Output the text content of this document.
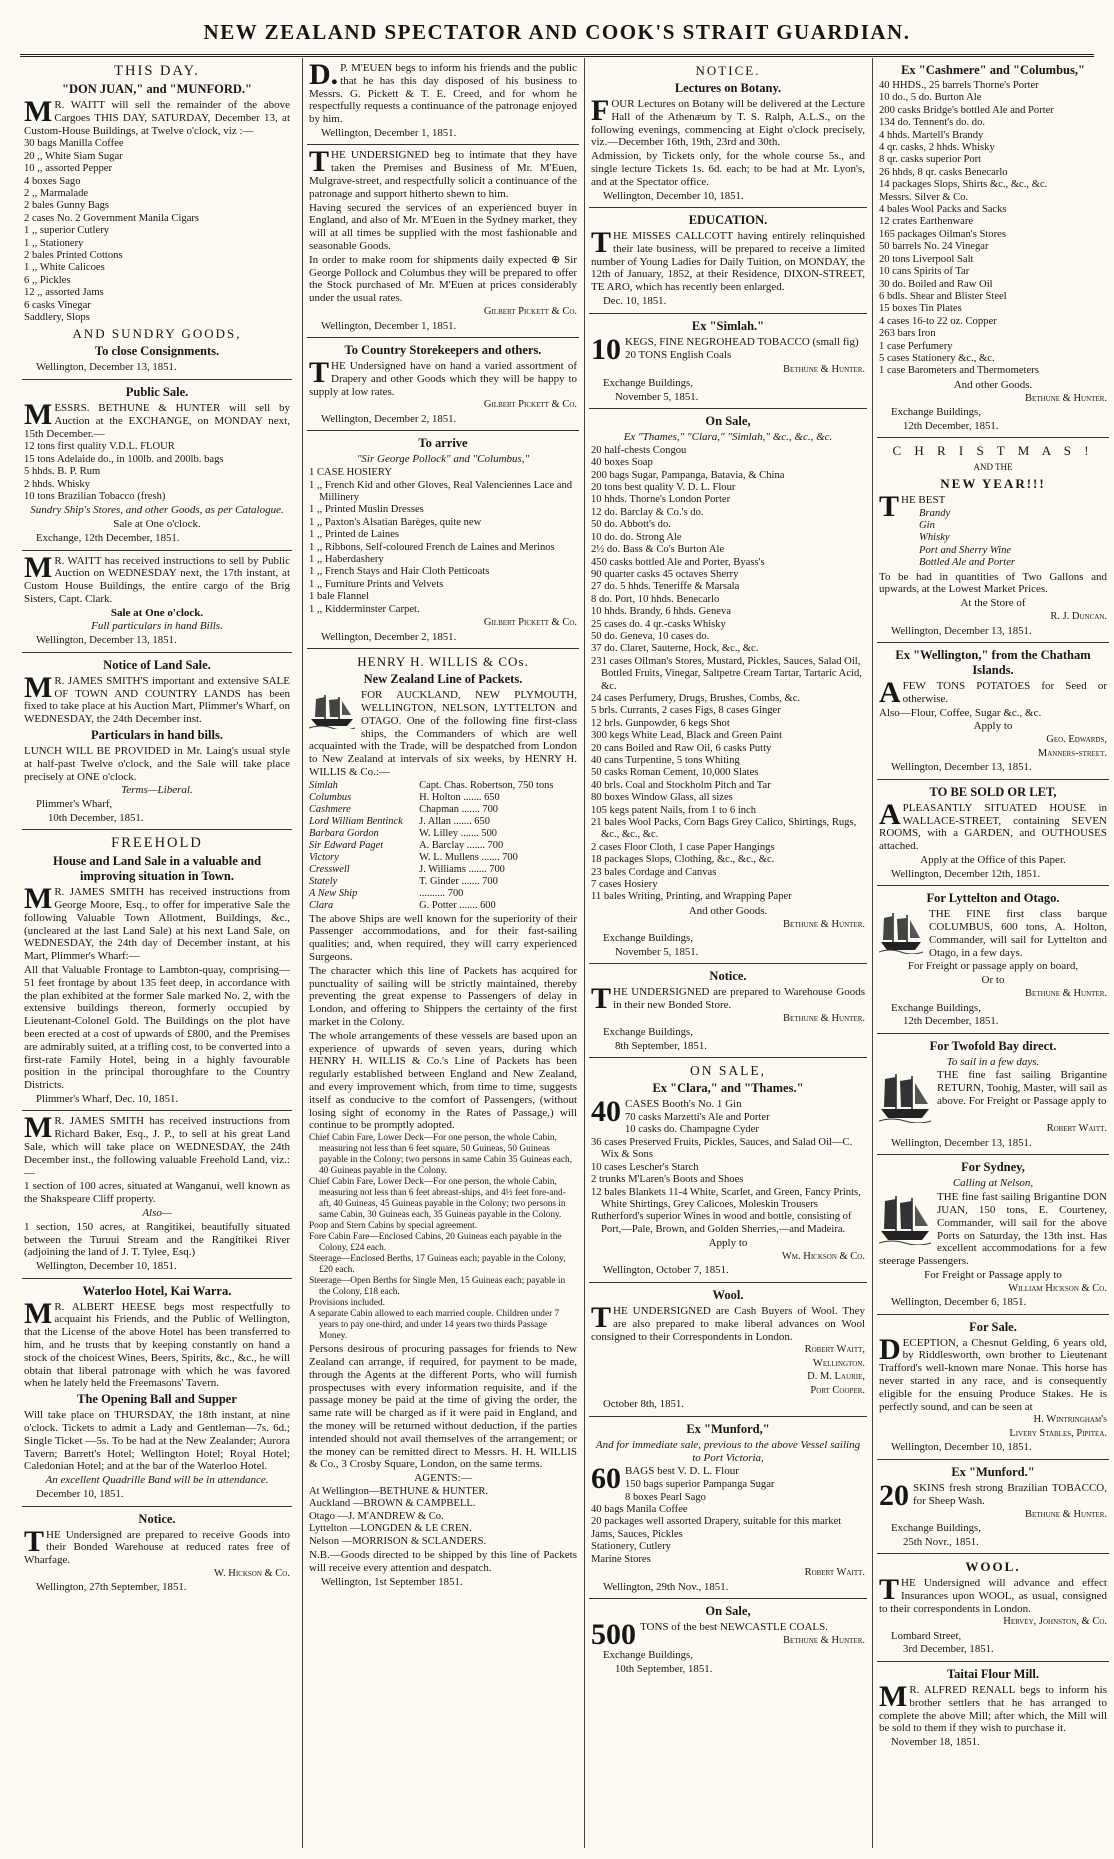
NEW ZEALAND SPECTATOR AND COOK'S STRAIT GUARDIAN.
THIS DAY.
"DON JUAN," and "MUNFORD."

MR. WAITT will sell the remainder of the above Cargoes THIS DAY, SATURDAY, December 13, at Custom-House Buildings, at Twelve o'clock, viz :—

30 bags Manilla Coffee
20 ,, White Siam Sugar
10 ,, assorted Pepper
4 boxes Sago
2 ,, Marmalade
2 bales Gunny Bags
2 cases No. 2 Government Manila Cigars
1 ,, superior Cutlery
1 ,, Stationery
2 bales Printed Cottons
1 ,, White Calicoes
6 ,, Pickles
12 ,, assorted Jams
6 casks Vinegar
Saddlery, Slops
AND SUNDRY GOODS,
To close Consignments.
Wellington, December 13, 1851.
Public Sale.

MESSRS. BETHUNE & HUNTER will sell by Auction at the EXCHANGE, on MONDAY next, 15th December.—

12 tons first quality V.D.L. FLOUR
15 tons Adelaide do., in 100lb. and 200lb. bags
5 hhds. B. P. Rum
2 hhds. Whisky
10 tons Brazilian Tobacco (fresh)
Sundry Ship's Stores, and other Goods, as per Catalogue.
Sale at One o'clock.
Exchange, 12th December, 1851.

MR. WAITT has received instructions to sell by Public Auction on WEDNESDAY next, the 17th instant, at Custom House Buildings, the entire cargo of the Brig Sisters, Capt. Clark.

Sale at One o'clock.
Full particulars in hand Bills.
Wellington, December 13, 1851.
Notice of Land Sale.

MR. JAMES SMITH'S important and extensive SALE OF TOWN AND COUNTRY LANDS has been fixed to take place at his Auction Mart, Plimmer's Wharf, on WEDNESDAY, the 24th December inst.

Particulars in hand bills.

LUNCH WILL BE PROVIDED in Mr. Laing's usual style at half-past Twelve o'clock, and the Sale will take place precisely at ONE o'clock.

Terms—Liberal.
Plimmer's Wharf,
10th December, 1851.
FREEHOLD
House and Land Sale in a valuable and improving situation in Town.

MR. JAMES SMITH has received instructions from George Moore, Esq., to offer for imperative Sale the following Valuable Town Allotment, Buildings, &c., (uncleared at the last Land Sale) at his next Land Sale, on WEDNESDAY, the 24th day of December instant, at his Mart, Plimmer's Wharf:—

All that Valuable Frontage to Lambton-quay, comprising—51 feet frontage by about 135 feet deep, in accordance with the plan exhibited at the former Sale marked No. 2, with the extensive buildings thereon, formerly occupied by Lieutenant-Colonel Gold. The Buildings on the plot have been erected at a cost of upwards of £800, and the Premises are admirably suited, at a trifling cost, to be converted into a first-rate Family Hotel, being in a highly favourable position in the principal thoroughfare to the Country Districts.

Plimmer's Wharf, Dec. 10, 1851.

MR. JAMES SMITH has received instructions from Richard Baker, Esq., J. P., to sell at his great Land Sale, which will take place on WEDNESDAY, the 24th December inst., the following valuable Freehold Land, viz.:—

1 section of 100 acres, situated at Wanganui, well known as the Shakspeare Cliff property.

Also—

1 section, 150 acres, at Rangitikei, beautifully situated between the Turuui Stream and the Rangitikei River (adjoining the land of J. T. Tylee, Esq.)

Wellington, December 10, 1851.
Waterloo Hotel, Kai Warra.

MR. ALBERT HEESE begs most respectfully to acquaint his Friends, and the Public of Wellington, that the License of the above Hotel has been transferred to him, and he trusts that by keeping constantly on hand a stock of the choicest Wines, Beers, Spirits, &c., &c., he will obtain that liberal patronage with which he was favored when he lately held the Freemasons' Tavern.

The Opening Ball and Supper

Will take place on THURSDAY, the 18th instant, at nine o'clock. Tickets to admit a Lady and Gentleman—7s. 6d.; Single Ticket —5s. To be had at the New Zealander; Aurora Tavern; Barrett's Hotel; Wellington Hotel; Royal Hotel; Caledonian Hotel; and at the bar of the Waterloo Hotel.

An excellent Quadrille Band will be in attendance.
December 10, 1851.
Notice.

THE Undersigned are prepared to receive Goods into their Bonded Warehouse at reduced rates free of Wharfage.

W. Hickson & Co.
Wellington, 27th September, 1851.

D.P. M'EUEN begs to inform his friends and the public that he has this day disposed of his business to Messrs. G. Pickett & T. E. Creed, and for whom he respectfully requests a continuance of the patronage enjoyed by him.

Wellington, December 1, 1851.

THE UNDERSIGNED beg to intimate that they have taken the Premises and Business of Mr. M'Euen, Mulgrave-street, and respectfully solicit a continuance of the patronage and support hitherto shewn to him.

Having secured the services of an experienced buyer in England, and also of Mr. M'Euen in the Sydney market, they will at all times be supplied with the most fashionable and seasonable Goods.

In order to make room for shipments daily expected ⊕ Sir George Pollock and Columbus they will be prepared to offer the Stock purchased of Mr. M'Euen at prices considerably under the usual rates.

Gilbert Pickett & Co.
Wellington, December 1, 1851.
To Country Storekeepers and others.

THE Undersigned have on hand a varied assortment of Drapery and other Goods which they will be happy to supply at low rates.

Gilbert Pickett & Co.
Wellington, December 2, 1851.
To arrive
"Sir George Pollock" and "Columbus,"
1 CASE HOSIERY
1 ,, French Kid and other Gloves, Real Valenciennes Lace and Millinery
1 ,, Printed Muslin Dresses
1 ,, Paxton's Alsatian Barèges, quite new
1 ,, Printed de Laines
1 ,, Ribbons, Self-coloured French de Laines and Merinos
1 ,, Haberdashery
1 ,, French Stays and Hair Cloth Petticoats
1 ,, Furniture Prints and Velvets
1 bale Flannel
1 ,, Kidderminster Carpet.
Gilbert Pickett & Co.
Wellington, December 2, 1851.
HENRY H. WILLIS & COs.
New Zealand Line of Packets.

FOR AUCKLAND, NEW PLYMOUTH, WELLINGTON, NELSON, LYTTELTON and OTAGO. One of the following fine first-class ships, the Commanders of which are well acquainted with the Trade, will be despatched from London to New Zealand at intervals of six weeks, by HENRY H. WILLIS & Co.:—

Simlah	Capt. Chas. Robertson, 750 tons
Columbus	H. Holton ....... 650
Cashmere	Chapman ....... 700
Lord William Bentinck	J. Allan ....... 650
Barbara Gordon	W. Lilley ....... 500
Sir Edward Paget	A. Barclay ....... 700
Victory	W. L. Mullens ....... 700
Cresswell	J. Williams ....... 700
Stately	T. Ginder ....... 700
A New Ship	.......... 700
Clara	G. Potter ....... 600

The above Ships are well known for the superiority of their Passenger accommodations, and for their fast-sailing qualities; and, when required, they will carry experienced Surgeons.

The character which this line of Packets has acquired for punctuality of sailing will be strictly maintained, thereby preventing the great expense to Passengers of delay in London, and offering to Shippers the certainty of the first market in the Colony.

The whole arrangements of these vessels are based upon an experience of upwards of seven years, during which HENRY H. WILLIS & Co.'s Line of Packets has been regularly established between England and New Zealand, and every improvement which, from time to time, suggests itself as conducive to the comfort of Passengers, (without losing sight of economy in the Rates of Passage,) will continue to be promptly adopted.

Chief Cabin Fare, Lower Deck—For one person, the whole Cabin, measuring not less than 6 feet square, 50 Guineas, 50 Guineas payable in the Colony; two persons in same Cabin 35 Guineas each, 40 Guineas payable in the Colony.
Chief Cabin Fare, Lower Deck—For one person, the whole Cabin, measuring not less than 6 feet abreast-ships, and 4½ feet fore-and-aft, 40 Guineas, 45 Guineas payable in the Colony; two persons in same Cabin, 30 Guineas each, 35 Guineas payable in the Colony.
Poop and Stern Cabins by special agreement.
Fore Cabin Fare—Enclosed Cabins, 20 Guineas each payable in the Colony, £24 each.
Steerage—Enclosed Berths, 17 Guineas each; payable in the Colony, £20 each.
Steerage—Open Berths for Single Men, 15 Guineas each; payable in the Colony, £18 each.
Provisions included.
A separate Cabin allowed to each married couple. Children under 7 years to pay one-third, and under 14 years two thirds Passage Money.

Persons desirous of procuring passages for friends to New Zealand can arrange, if required, for payment to be made, through the Agents at the different Ports, who will furnish prospectuses with every information requisite, and if the passage money be paid at the time of giving the order, the same rate will be charged as if it were paid in England, and the money will be returned without deduction, if the parties intended should not avail themselves of the arrangement; or the money can be remitted direct to Messrs. H. H. WILLIS & Co., 3 Crosby Square, London, on the same terms.

AGENTS:—
At Wellington—BETHUNE & HUNTER.
Auckland —BROWN & CAMPBELL.
Otago —J. M'ANDREW & Co.
Lyttelton —LONGDEN & LE CREN.
Nelson —MORRISON & SCLANDERS.

N.B.—Goods directed to be shipped by this line of Packets will receive every attention and despatch.

Wellington, 1st September 1851.
NOTICE.
Lectures on Botany.

FOUR Lectures on Botany will be delivered at the Lecture Hall of the Athenæum by T. S. Ralph, A.L.S., on the following evenings, commencing at Eight o'clock precisely, viz.—December 16th, 19th, 23rd and 30th.

Admission, by Tickets only, for the whole course 5s., and single lecture Tickets 1s. 6d. each; to be had at Mr. Lyon's, and at the Spectator office.

Wellington, December 10, 1851.
EDUCATION.

THE MISSES CALLCOTT having entirely relinquished their late business, will be prepared to receive a limited number of Young Ladies for Daily Tuition, on MONDAY, the 12th of January, 1852, at their Residence, DIXON-STREET, TE ARO, which has recently been enlarged.

Dec. 10, 1851.
Ex "Simlah."
10 KEGS, FINE NEGROHEAD TOBACCO (small fig)

20 TONS English Coals

Bethune & Hunter.
Exchange Buildings,
November 5, 1851.
On Sale,
Ex "Thames," "Clara," "Simlah," &c., &c., &c.
20 half-chests Congou
40 boxes Soap
200 bags Sugar, Pampanga, Batavia, & China
20 tons best quality V. D. L. Flour
10 hhds. Thorne's London Porter
12 do. Barclay & Co.'s do.
50 do. Abbott's do.
10 do. do. Strong Ale
2½ do. Bass & Co's Burton Ale
450 casks bottled Ale and Porter, Byass's
90 quarter casks 45 octaves Sherry
27 do. 5 hhds. Teneriffe & Marsala
8 do. Port, 10 hhds. Benecarlo
10 hhds. Brandy, 6 hhds. Geneva
25 cases do. 4 qr.-casks Whisky
50 do. Geneva, 10 cases do.
37 do. Claret, Sauterne, Hock, &c., &c.
231 cases Oilman's Stores, Mustard, Pickles, Sauces, Salad Oil, Bottled Fruits, Vinegar, Saltpetre Cream Tartar, Tartaric Acid, &c.
24 cases Perfumery, Drugs, Brushes, Combs, &c.
5 brls. Currants, 2 cases Figs, 8 cases Ginger
12 brls. Gunpowder, 6 kegs Shot
300 kegs White Lead, Black and Green Paint
20 cans Boiled and Raw Oil, 6 casks Putty
40 cans Turpentine, 5 tons Whiting
50 casks Roman Cement, 10,000 Slates
40 brls. Coal and Stockholm Pitch and Tar
80 boxes Window Glass, all sizes
105 kegs patent Nails, from 1 to 6 inch
21 bales Wool Packs, Corn Bags Grey Calico, Shirtings, Rugs, &c., &c., &c.
2 cases Floor Cloth, 1 case Paper Hangings
18 packages Slops, Clothing, &c., &c., &c.
23 bales Cordage and Canvas
7 cases Hosiery
11 bales Writing, Printing, and Wrapping Paper
And other Goods.
Bethune & Hunter.
Exchange Buildings,
November 5, 1851.
Notice.

THE UNDERSIGNED are prepared to Warehouse Goods in their new Bonded Store.

Bethune & Hunter.
Exchange Buildings,
8th September, 1851.
ON SALE,
Ex "Clara," and "Thames."
40 CASES Booth's No. 1 Gin

70 casks Marzetti's Ale and Porter
10 casks do. Champagne Cyder
36 cases Preserved Fruits, Pickles, Sauces, and Salad Oil—C. Wix & Sons
10 cases Lescher's Starch
2 trunks M'Laren's Boots and Shoes
12 bales Blankets 11-4 White, Scarlet, and Green, Fancy Prints, White Shirtings, Grey Calicoes, Moleskin Trousers
Rutherford's superior Wines in wood and bottle, consisting of Port,—Pale, Brown, and Golden Sherries,—and Madeira.
Apply to
Wm. Hickson & Co.
Wellington, October 7, 1851.
Wool.

THE UNDERSIGNED are Cash Buyers of Wool. They are also prepared to make liberal advances on Wool consigned to their Correspondents in London.

Robert Waitt,
Wellington.
D. M. Laurie,
Port Cooper.
October 8th, 1851.
Ex "Munford,"
And for immediate sale, previous to the above Vessel sailing to Port Victoria,
60 BAGS best V. D. L. Flour

150 bags superior Pampanga Sugar
8 boxes Pearl Sago
40 bags Manila Coffee
20 packages well assorted Drapery, suitable for this market
Jams, Sauces, Pickles
Stationery, Cutlery
Marine Stores
Robert Waitt.
Wellington, 29th Nov., 1851.
On Sale,
500 TONS of the best NEWCASTLE COALS.

Bethune & Hunter.
Exchange Buildings,
10th September, 1851.
Ex "Cashmere" and "Columbus,"
40 HHDS., 25 barrels Thorne's Porter
10 do., 5 do. Burton Ale
200 casks Bridge's bottled Ale and Porter
134 do. Tennent's do. do.
4 hhds. Martell's Brandy
4 qr. casks, 2 hhds. Whisky
8 qr. casks superior Port
26 hhds, 8 qr. casks Benecarlo
14 packages Slops, Shirts &c., &c., &c.
Messrs. Silver & Co.
4 bales Wool Packs and Sacks
12 crates Earthenware
165 packages Oilman's Stores
50 barrels No. 24 Vinegar
20 tons Liverpool Salt
10 cans Spirits of Tar
30 do. Boiled and Raw Oil
6 bdls. Shear and Blister Steel
15 boxes Tin Plates
4 cases 16-to 22 oz. Copper
263 bars Iron
1 case Perfumery
5 cases Stationery &c., &c.
1 case Barometers and Thermometers
And other Goods.
Bethune & Hunter.
Exchange Buildings,
12th December, 1851.
C H R I S T M A S !
AND THE
NEW YEAR!!!

THE BEST

Brandy
Gin
Whisky
Port and Sherry Wine
Bottled Ale and Porter

To be had in quantities of Two Gallons and upwards, at the Lowest Market Prices.

At the Store of
R. J. Duncan.
Wellington, December 13, 1851.
Ex "Wellington," from the Chatham Islands.

AFEW TONS POTATOES for Seed or otherwise.

Also—Flour, Coffee, Sugar &c., &c.

Apply to
Geo. Edwards,
Manners-street.
Wellington, December 13, 1851.
TO BE SOLD OR LET,

APLEASANTLY SITUATED HOUSE in WALLACE-STREET, containing SEVEN ROOMS, with a GARDEN, and OUTHOUSES attached.

Apply at the Office of this Paper.
Wellington, December 12th, 1851.
For Lyttelton and Otago.

THE FINE first class barque COLUMBUS, 600 tons, A. Holton, Commander, will sail for Lyttelton and Otago, in a few days.

For Freight or passage apply on board,
Or to
Bethune & Hunter.
Exchange Buildings,
12th December, 1851.
For Twofold Bay direct.
To sail in a few days.

THE fine fast sailing Brigantine RETURN, Toohig, Master, will sail as above. For Freight or Passage apply to

Robert Waitt.
Wellington, December 13, 1851.
For Sydney,
Calling at Nelson,

THE fine fast sailing Brigantine DON JUAN, 150 tons, E. Courteney, Commander, will sail for the above Ports on Saturday, the 13th inst. Has excellent accommodations for a few steerage Passengers.

For Freight or Passage apply to
William Hickson & Co.
Wellington, December 6, 1851.
For Sale.

DECEPTION, a Chesnut Gelding, 6 years old, by Riddlesworth, own brother to Lieutenant Trafford's well-known mare Nonae. This horse has never started in any race, and is consequently eligible for the ensuing Produce Stakes. He is perfectly sound, and can be seen at

H. Wintringham's
Livery Stables, Pipitea.
Wellington, December 10, 1851.
Ex "Munford."
20 SKINS fresh strong Brazilian TOBACCO, for Sheep Wash.

Bethune & Hunter.
Exchange Buildings,
25th Novr., 1851.
WOOL.

THE Undersigned will advance and effect Insurances upon WOOL, as usual, consigned to their correspondents in London.

Hervey, Johnston, & Co.
Lombard Street,
3rd December, 1851.
Taitai Flour Mill.

MR. ALFRED RENALL begs to inform his brother settlers that he has arranged to complete the above Mill; after which, the Mill will be sold to them if they wish to purchase it.

November 18, 1851.
